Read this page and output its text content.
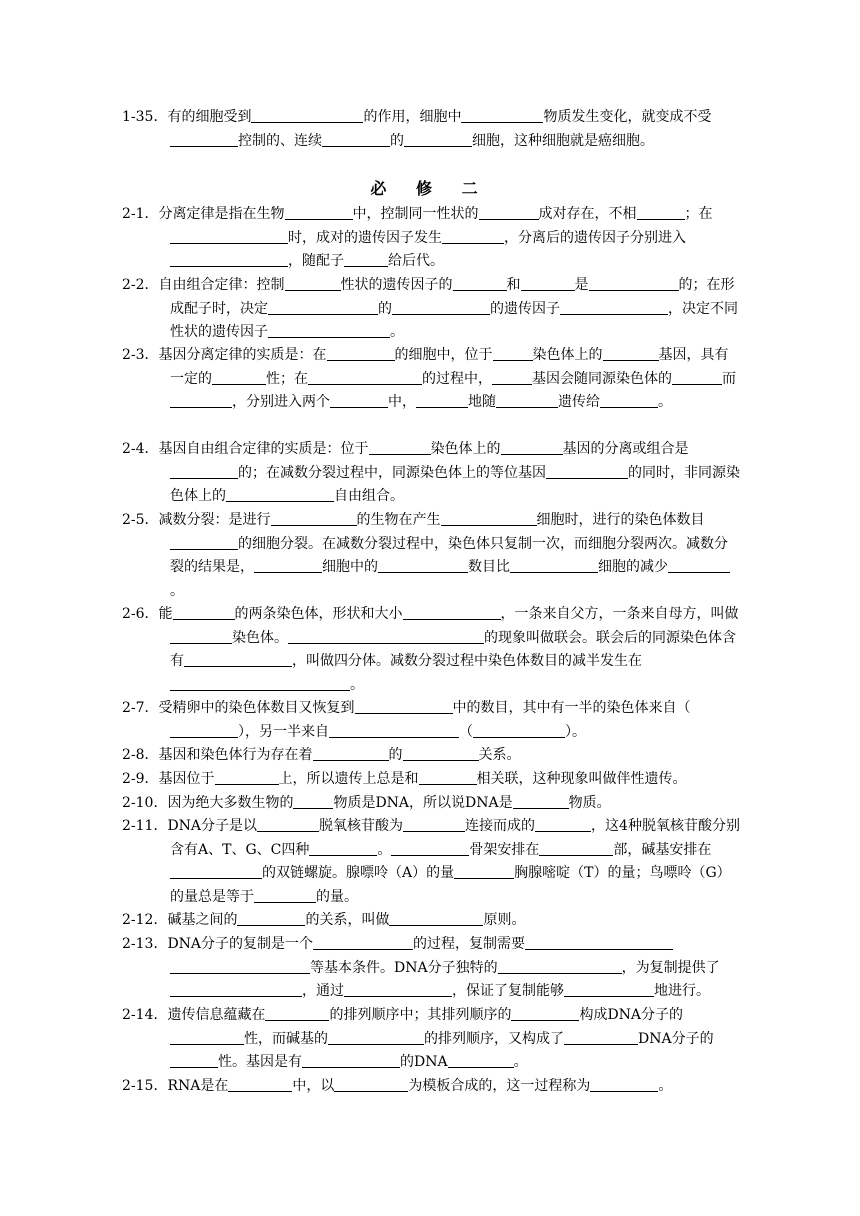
必 修 二
1-35．有的细胞受到	的作用，细胞中	物质发生变化，就变成不受控制的、连续	的	细胞，这种细胞就是癌细胞。
2-1．分离定律是指在生物	中，控制同一性状的	成对存在，不相	；在时，成对的遗传因子发生	，分离后的遗传因子分别进入，随配子	给后代。
2-2．自由组合定律：控制	性状的遗传因子的	和	是	的；在形成配子时，决定	的	的遗传因子	，决定不同性状的遗传因子	。
2-3．基因分离定律的实质是：在	的细胞中，位于	染色体上的	基因，具有一定的	性；在	的过程中，	基因会随同源染色体的	而，分别进入两个	中，	地随	遗传给	。
2-4．基因自由组合定律的实质是：位于	染色体上的	基因的分离或组合是的；在减数分裂过程中，同源染色体上的等位基因	的同时，非同源染色体上的	自由组合。
2-5．减数分裂：是进行	的生物在产生	细胞时，进行的染色体数目的细胞分裂。在减数分裂过程中，染色体只复制一次，而细胞分裂两次。减数分裂的结果是，	细胞中的	数目比	细胞的减少。
2-6．能	的两条染色体，形状和大小	，一条来自父方，一条来自母方，叫做染色体。	的现象叫做联会。联会后的同源染色体含有	，叫做四分体。减数分裂过程中染色体数目的减半发生在。
2-7．受精卵中的染色体数目又恢复到	中的数目，其中有一半的染色体来自（），另一半来自	（	）。
2-8．基因和染色体行为存在着	的	关系。
2-9．基因位于	上，所以遗传上总是和	相关联，这种现象叫做伴性遗传。
2-10．因为绝大多数生物的	物质是DNA，所以说DNA是	物质。
2-11．DNA分子是以	脱氧核苷酸为	连接而成的	，这4种脱氧核苷酸分别含有A、T、G、C四种	。	骨架安排在	部，碱基安排在的双链螺旋。腺嘌呤（A）的量	胸腺嘧啶（T）的量；鸟嘌呤（G）的量总是等于	的量。
2-12．碱基之间的	的关系，叫做	原则。
2-13．DNA分子的复制是一个	的过程，复制需要等基本条件。DNA分子独特的	，为复制提供了，通过	，保证了复制能够	地进行。
2-14．遗传信息蕴藏在	的排列顺序中；其排列顺序的	构成DNA分子的性，而碱基的	的排列顺序，又构成了	DNA分子的性。基因是有	的DNA	。
2-15．RNA是在	中，以	为模板合成的，这一过程称为	。
